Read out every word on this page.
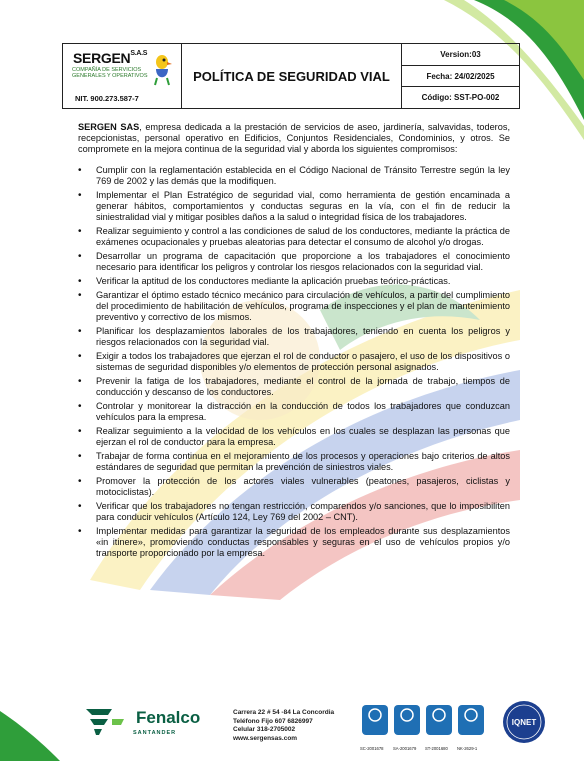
$SERGEN^{S.A.S}$
COMPAÑÍA DE SERVICIOS GENERALES Y OPERATIVOS
NIT. 900.273.587-7
POLÍTICA DE SEGURIDAD VIAL
Version:03
Fecha: 24/02/2025
Código: SST-PO-002

SERGEN SAS, empresa dedicada a la prestación de servicios de aseo, jardinería, salvavidas, toderos, recepcionistas, personal operativo en Edificios, Conjuntos Residenciales, Condominios, y otros. Se compromete en la mejora continua de la seguridad vial y aborda los siguientes compromisos:

• Cumplir con la reglamentación establecida en el Código Nacional de Tránsito Terrestre según la ley 769 de 2002 y las demás que la modifiquen.
• Implementar el Plan Estratégico de seguridad vial, como herramienta de gestión encaminada a generar hábitos, comportamientos y conductas seguras en la vía, con el fin de reducir la siniestralidad vial y mitigar posibles daños a la salud o integridad física de los trabajadores.
• Realizar seguimiento y control a las condiciones de salud de los conductores, mediante la práctica de exámenes ocupacionales y pruebas aleatorias para detectar el consumo de alcohol y/o drogas.
• Desarrollar un programa de capacitación que proporcione a los trabajadores el conocimiento necesario para identificar los peligros y controlar los riesgos relacionados con la seguridad vial.
• Verificar la aptitud de los conductores mediante la aplicación pruebas teórico-prácticas.
• Garantizar el óptimo estado técnico mecánico para circulación de vehículos, a partir del cumplimiento del procedimiento de habilitación de vehículos, programa de inspecciones y el plan de mantenimiento preventivo y correctivo de los mismos.
• Planificar los desplazamientos laborales de los trabajadores, teniendo en cuenta los peligros y riesgos relacionados con la seguridad vial.
• Exigir a todos los trabajadores que ejerzan el rol de conductor o pasajero, el uso de los dispositivos o sistemas de seguridad disponibles y/o elementos de protección personal asignados.
• Prevenir la fatiga de los trabajadores, mediante el control de la jornada de trabajo, tiempos de conducción y descanso de los conductores.
• Controlar y monitorear la distracción en la conducción de todos los trabajadores que conduzcan vehículos para la empresa.
• Realizar seguimiento a la velocidad de los vehículos en los cuales se desplazan las personas que ejerzan el rol de conductor para la empresa.
• Trabajar de forma continua en el mejoramiento de los procesos y operaciones bajo criterios de altos estándares de seguridad que permitan la prevención de siniestros viales.
• Promover la protección de los actores viales vulnerables (peatones, pasajeros, ciclistas y motociclistas).
• Verificar que los trabajadores no tengan restricción, comparendos y/o sanciones, que lo imposibiliten para conducir vehículos (Artículo 124, Ley 769 del 2002 – CNT).
• Implementar medidas para garantizar la seguridad de los empleados durante sus desplazamientos «in itinere», promoviendo conductas responsables y seguras en el uso de vehículos propios y/o transporte proporcionado por la empresa.
Fenalco
SANTANDER
Carrera 22 # 54 -84 La Concordia
Teléfono Fijo 607 6826997
Celular 318-2705002
www.sergensas.com
SC-2001678 SA-2001679 ST-2001680 NK-2629-1
IQNET
